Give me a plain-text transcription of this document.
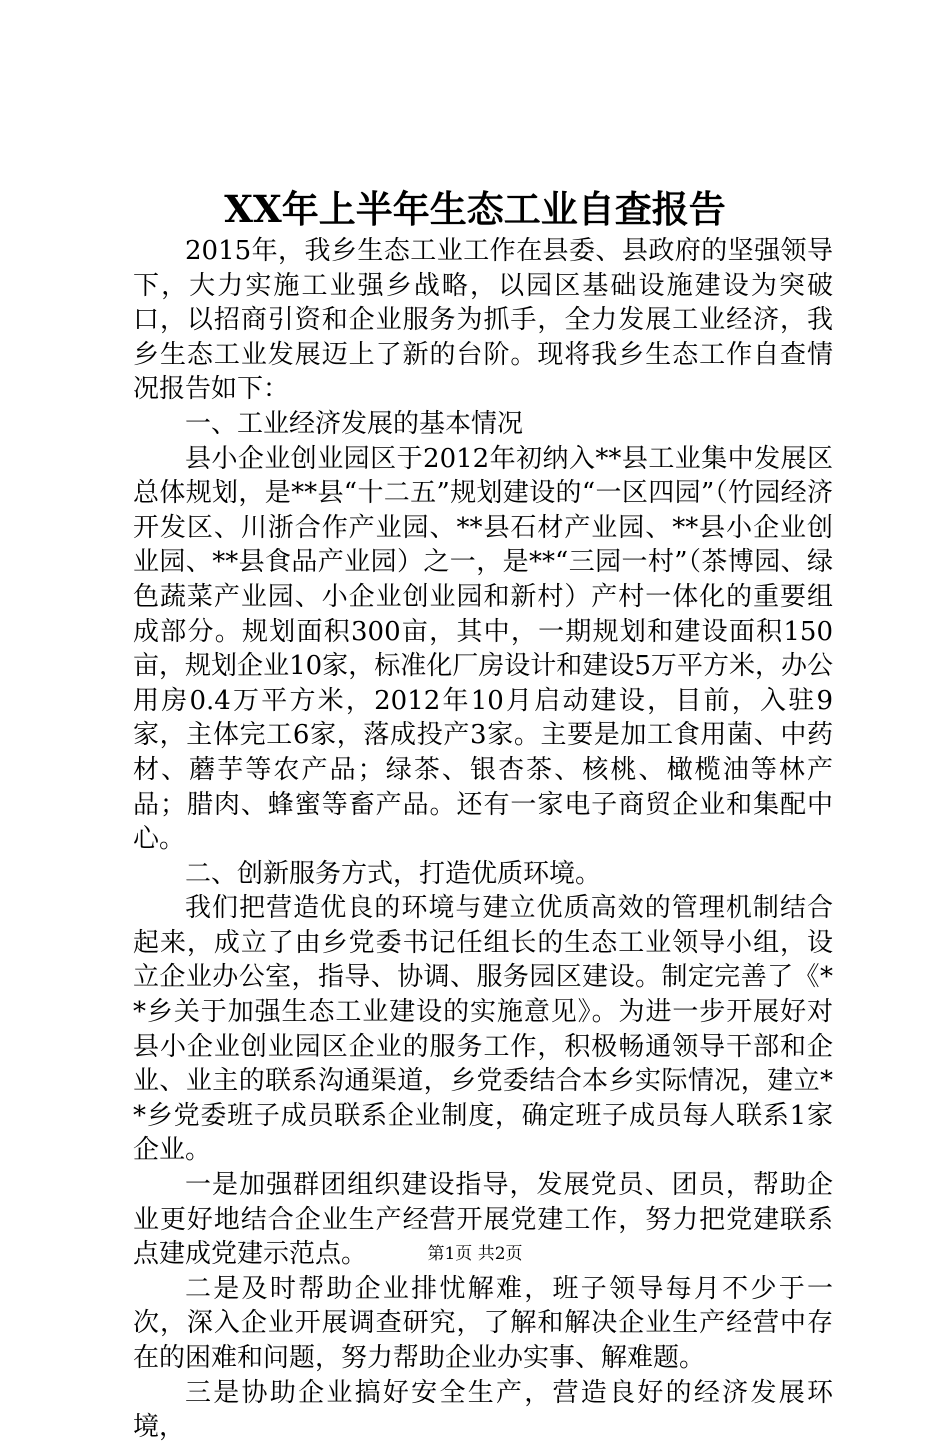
XX年上半年生态工业自查报告

2015年，我乡生态工业工作在县委、县政府的坚强领导下，大力实施工业强乡战略，以园区基础设施建设为突破口，以招商引资和企业服务为抓手，全力发展工业经济，我乡生态工业发展迈上了新的台阶。现将我乡生态工作自查情况报告如下：

一、工业经济发展的基本情况

县小企业创业园区于2012年初纳入**县工业集中发展区总体规划，是**县“十二五”规划建设的“一区四园”（竹园经济开发区、川浙合作产业园、**县石材产业园、**县小企业创业园、**县食品产业园）之一，是**“三园一村”（茶博园、绿色蔬菜产业园、小企业创业园和新村）产村一体化的重要组成部分。规划面积300亩，其中，一期规划和建设面积150亩，规划企业10家，标准化厂房设计和建设5万平方米，办公用房0.4万平方米，2012年10月启动建设，目前，入驻9家，主体完工6家，落成投产3家。主要是加工食用菌、中药材、蘑芋等农产品；绿茶、银杏茶、核桃、橄榄油等林产品；腊肉、蜂蜜等畜产品。还有一家电子商贸企业和集配中心。

二、创新服务方式，打造优质环境。

我们把营造优良的环境与建立优质高效的管理机制结合起来，成立了由乡党委书记任组长的生态工业领导小组，设立企业办公室，指导、协调、服务园区建设。制定完善了《**乡关于加强生态工业建设的实施意见》。为进一步开展好对县小企业创业园区企业的服务工作，积极畅通领导干部和企业、业主的联系沟通渠道，乡党委结合本乡实际情况，建立**乡党委班子成员联系企业制度，确定班子成员每人联系1家企业。

一是加强群团组织建设指导，发展党员、团员，帮助企业更好地结合企业生产经营开展党建工作，努力把党建联系点建成党建示范点。

二是及时帮助企业排忧解难，班子领导每月不少于一次，深入企业开展调查研究，了解和解决企业生产经营中存在的困难和问题，努力帮助企业办实事、解难题。

三是协助企业搞好安全生产，营造良好的经济发展环境，

第1页 共2页
